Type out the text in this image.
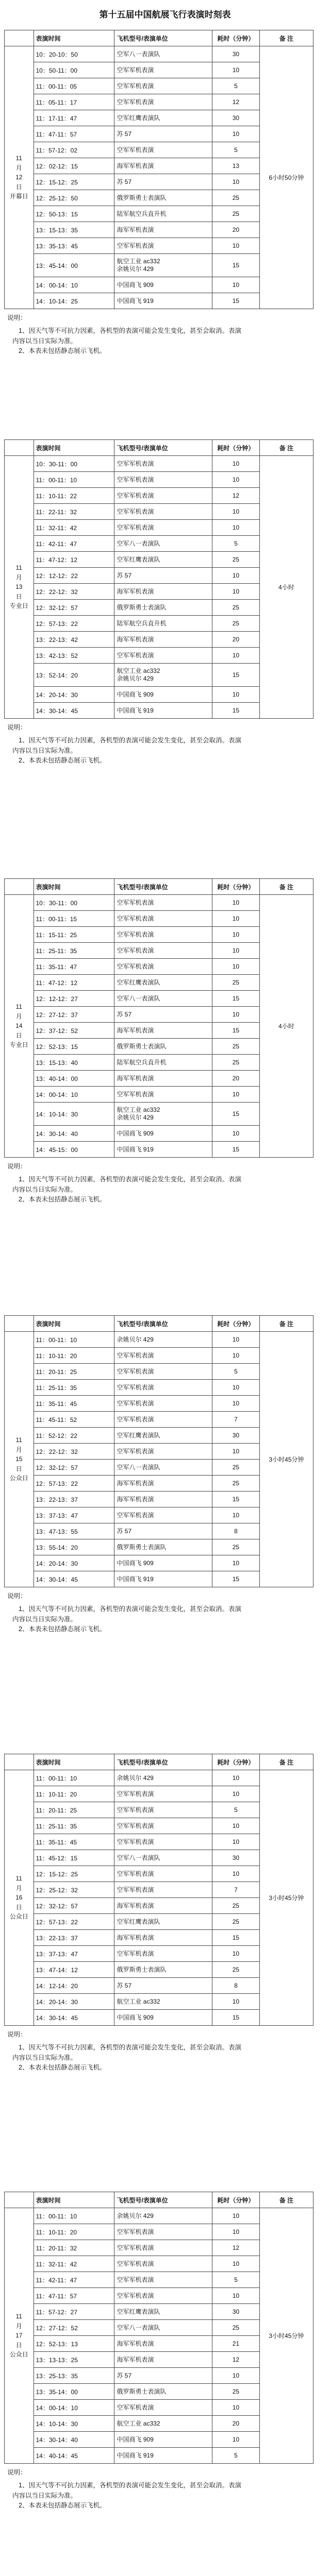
第十五届中国航展飞行表演时刻表
	表演时间	飞机型号/表演单位	耗时（分钟）	备 注

11
月
12
日
开幕日	10：20-10：50	空军八一表演队	30	6小时50分钟
	10：50-11：00	空军军机表演	10	
	11：00-11：05	空军军机表演	5	
	11：05-11：17	空军军机表演	12	
	11：17-11：47	空军红鹰表演队	30	
	11：47-11：57	苏 57	10	
	11：57-12：02	空军军机表演	5	
	12：02-12：15	海军军机表演	13	
	12：15-12：25	苏 57	10	
	12：25-12：50	俄罗斯勇士表演队	25	
	12：50-13：15	陆军航空兵直升机	25	
	13：15-13：35	海军军机表演	20	
	13：35-13：45	空军军机表演	10	
	13：45-14：00	航空工业 ac332
余姚贝尔 429	15	
	14：00-14：10	中国商飞 909	10	
	14：10-14：25	中国商飞 919	15	
说明：
1、因天气等不可抗力因素，各机型的表演可能会发生变化，甚至会取消。表演
内容以当日实际为准。
2、本表未包括静态展示飞机。
	表演时间	飞机型号/表演单位	耗时（分钟）	备 注

11
月
13
日
专业日	10：30-11：00	空军军机表演	10	4小时
	11：00-11：10	空军军机表演	10	
	11：10-11：22	空军军机表演	12	
	11：22-11：32	空军军机表演	10	
	11：32-11：42	空军军机表演	10	
	11：42-11：47	空军八一表演队	5	
	11：47-12：12	空军红鹰表演队	25	
	12：12-12：22	苏 57	10	
	12：22-12：32	海军军机表演	10	
	12：32-12：57	俄罗斯勇士表演队	25	
	12：57-13：22	陆军航空兵直升机	25	
	13：22-13：42	海军军机表演	20	
	13：42-13：52	空军军机表演	10	
	13：52-14：20	航空工业 ac332
余姚贝尔 429	15	
	14：20-14：30	中国商飞 909	10	
	14：30-14：45	中国商飞 919	15	
说明：
1、因天气等不可抗力因素，各机型的表演可能会发生变化，甚至会取消。表演
内容以当日实际为准。
2、本表未包括静态展示飞机。
	表演时间	飞机型号/表演单位	耗时（分钟）	备 注

11
月
14
日
专业日	10：30-11：00	空军军机表演	10	4小时
	11：00-11：15	空军军机表演	10	
	11：15-11：25	空军军机表演	10	
	11：25-11：35	空军军机表演	10	
	11：35-11：47	空军军机表演	10	
	11：47-12：12	空军红鹰表演队	25	
	12：12-12：27	空军八一表演队	15	
	12：27-12：37	苏 57	10	
	12：37-12：52	海军军机表演	15	
	12：52-13：15	俄罗斯勇士表演队	25	
	13：15-13：40	陆军航空兵直升机	25	
	13：40-14：00	海军军机表演	20	
	14：00-14：10	空军军机表演	10	
	14：10-14：30	航空工业 ac332
余姚贝尔 429	15	
	14：30-14：40	中国商飞 909	10	
	14：45-15：00	中国商飞 919	15	
说明：
1、因天气等不可抗力因素，各机型的表演可能会发生变化，甚至会取消。表演
内容以当日实际为准。
2、本表未包括静态展示飞机。
	表演时间	飞机型号/表演单位	耗时（分钟）	备 注

11
月
15
日
公众日	11：00-11：10	余姚贝尔 429	10	3小时45分钟
	11：10-11：20	空军军机表演	10	
	11：20-11：25	空军军机表演	5	
	11：25-11：35	空军军机表演	10	
	11：35-11：45	空军军机表演	10	
	11：45-11：52	空军军机表演	7	
	11：52-12：22	空军红鹰表演队	30	
	12：22-12：32	空军军机表演	10	
	12：32-12：57	空军八一表演队	25	
	12：57-13：22	海军军机表演	25	
	13：22-13：37	海军军机表演	15	
	13：37-13：47	空军军机表演	10	
	13：47-13：55	苏 57	8	
	13：55-14：20	俄罗斯勇士表演队	25	
	14：20-14：30	中国商飞 909	10	
	14：30-14：45	中国商飞 919	15	
说明：
1、因天气等不可抗力因素，各机型的表演可能会发生变化，甚至会取消。表演
内容以当日实际为准。
2、本表未包括静态展示飞机。
	表演时间	飞机型号/表演单位	耗时（分钟）	备 注

11
月
16
日
公众日	11：00-11：10	余姚贝尔 429	10	3小时45分钟
	11：10-11：20	空军军机表演	10	
	11：20-11：25	空军军机表演	5	
	11：25-11：35	空军军机表演	10	
	11：35-11：45	空军军机表演	10	
	11：45-12：15	空军八一表演队	30	
	12：15-12：25	空军军机表演	10	
	12：25-12：32	空军军机表演	7	
	12：32-12：57	海军军机表演	25	
	12：57-13：22	空军红鹰表演队	25	
	13：22-13：37	海军军机表演	15	
	13：37-13：47	空军军机表演	10	
	13：47-14：12	俄罗斯勇士表演队	25	
	14：12-14：20	苏 57	8	
	14：20-14：30	航空工业 ac332	10	
	14：30-14：45	中国商飞 909	15	
说明：
1、因天气等不可抗力因素，各机型的表演可能会发生变化，甚至会取消。表演
内容以当日实际为准。
2、本表未包括静态展示飞机。
	表演时间	飞机型号/表演单位	耗时（分钟）	备 注

11
月
17
日
公众日	11：00-11：10	余姚贝尔 429	10	3小时45分钟
	11：10-11：20	空军军机表演	10	
	11：20-11：32	空军军机表演	12	
	11：32-11：42	空军军机表演	10	
	11：42-11：47	空军军机表演	5	
	11：47-11：57	空军军机表演	10	
	11：57-12：27	空军红鹰表演队	30	
	12：27-12：52	空军八一表演队	25	
	12：52-13：13	海军军机表演	21	
	13：13-13：25	海军军机表演	12	
	13：25-13：35	苏 57	10	
	13：35-14：00	俄罗斯勇士表演队	25	
	14：00-14：10	空军军机表演	10	
	14：10-14：30	航空工业 ac332	20	
	14：30-14：40	中国商飞 909	10	
	14：40-14：45	中国商飞 919	5	
说明：
1、因天气等不可抗力因素，各机型的表演可能会发生变化，甚至会取消。表演
内容以当日实际为准。
2、本表未包括静态展示飞机。
